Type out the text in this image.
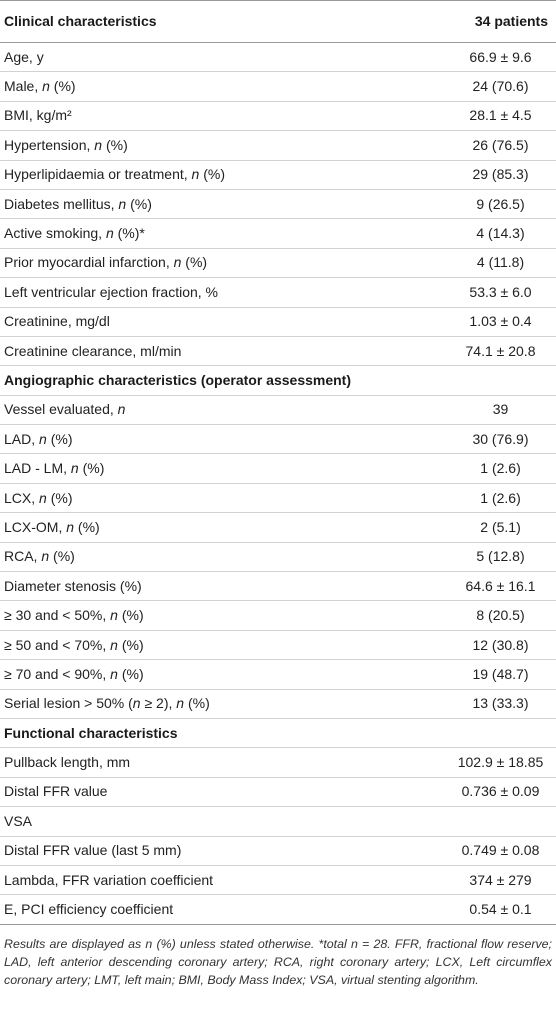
Clinical characteristics	34 patients
Age, y	66.9 ± 9.6
Male, n (%)	24 (70.6)
BMI, kg/m²	28.1 ± 4.5
Hypertension, n (%)	26 (76.5)
Hyperlipidaemia or treatment, n (%)	29 (85.3)
Diabetes mellitus, n (%)	9 (26.5)
Active smoking, n (%)*	4 (14.3)
Prior myocardial infarction, n (%)	4 (11.8)
Left ventricular ejection fraction, %	53.3 ± 6.0
Creatinine, mg/dl	1.03 ± 0.4
Creatinine clearance, ml/min	74.1 ± 20.8
Angiographic characteristics (operator assessment)	
Vessel evaluated, n	39
LAD, n (%)	30 (76.9)
LAD - LM, n (%)	1 (2.6)
LCX, n (%)	1 (2.6)
LCX-OM, n (%)	2 (5.1)
RCA, n (%)	5 (12.8)
Diameter stenosis (%)	64.6 ± 16.1
≥ 30 and < 50%, n (%)	8 (20.5)
≥ 50 and < 70%, n (%)	12 (30.8)
≥ 70 and < 90%, n (%)	19 (48.7)
Serial lesion > 50% (n ≥ 2), n (%)	13 (33.3)
Functional characteristics	
Pullback length, mm	102.9 ± 18.85
Distal FFR value	0.736 ± 0.09
VSA	
Distal FFR value (last 5 mm)	0.749 ± 0.08
Lambda, FFR variation coefficient	374 ± 279
E, PCI efficiency coefficient	0.54 ± 0.1
Results are displayed as n (%) unless stated otherwise. *total n = 28. FFR, fractional flow reserve; LAD, left anterior descending coronary artery; RCA, right coronary artery; LCX, Left circumflex coronary artery; LMT, left main; BMI, Body Mass Index; VSA, virtual stenting algorithm.
